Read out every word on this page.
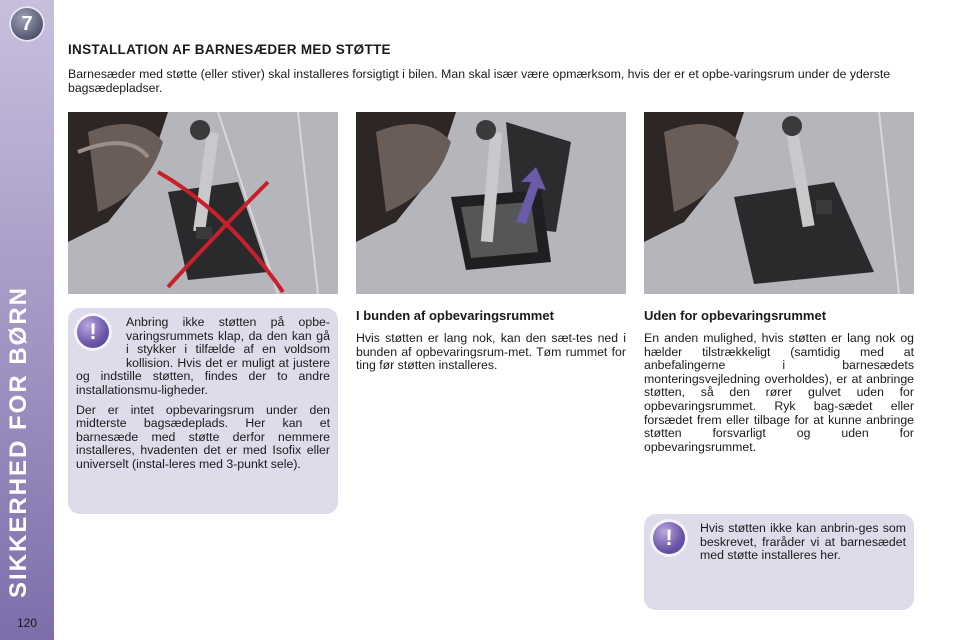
7
SIKKERHED FOR BØRN
120
INSTALLATION AF BARNESÆDER MED STØTTE
Barnesæder med støtte (eller stiver) skal installeres forsigtigt i bilen. Man skal især være opmærksom, hvis der er et opbe-varingsrum under de yderste bagsædepladser.
!	Anbring ikke støtten på opbe-varingsrummets klap, da den kan gå i stykker i tilfælde af en voldsom kollision. Hvis det er muligt at justere og indstille støtten, findes der to andre installationsmu-ligheder.

Der er intet opbevaringsrum under den midterste bagsædeplads. Her kan et barnesæde med støtte derfor nemmere installeres, hvadenten det er med Isofix eller universelt (instal-leres med 3-punkt sele).

I bunden af opbevaringsrummet

Hvis støtten er lang nok, kan den sæt-tes ned i bunden af opbevaringsrum-met. Tøm rummet for ting før støtten installeres.

Uden for opbevaringsrummet

En anden mulighed, hvis støtten er lang nok og hælder tilstrækkeligt (samtidig med at anbefalingerne i barnesædets monteringsvejledning overholdes), er at anbringe støtten, så den rører gulvet uden for opbevaringsrummet. Ryk bag-sædet eller forsædet frem eller tilbage for at kunne anbringe støtten forsvarligt og uden for opbevaringsrummet.

!	Hvis støtten ikke kan anbrin-ges som beskrevet, fraråder vi at barnesædet med støtte installeres her.
